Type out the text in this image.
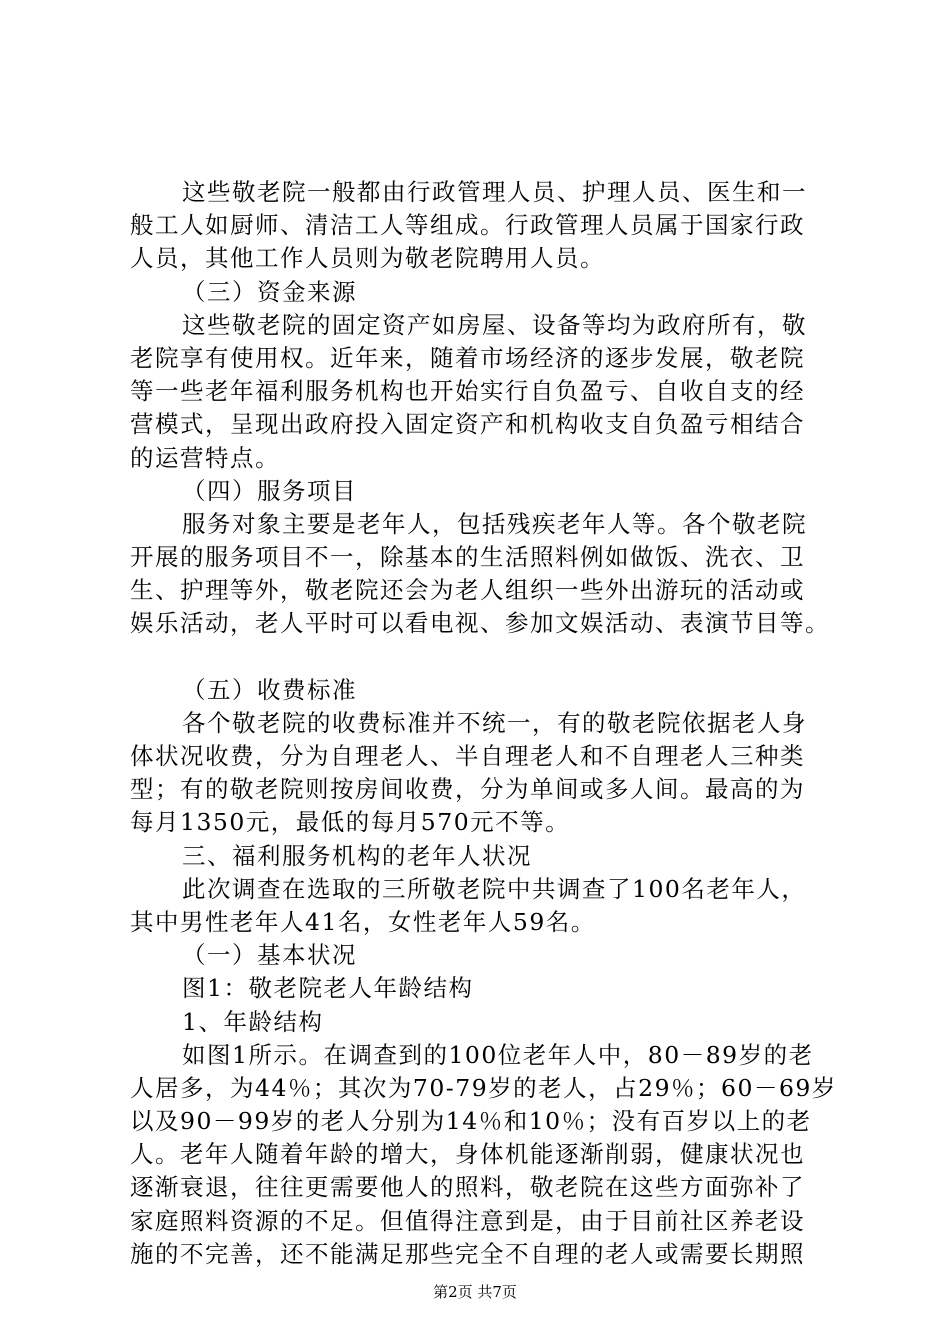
这些敬老院一般都由行政管理人员、护理人员、医生和一
般工人如厨师、清洁工人等组成。行政管理人员属于国家行政
人员，其他工作人员则为敬老院聘用人员。
（三）资金来源
这些敬老院的固定资产如房屋、设备等均为政府所有，敬
老院享有使用权。近年来，随着市场经济的逐步发展，敬老院
等一些老年福利服务机构也开始实行自负盈亏、自收自支的经
营模式，呈现出政府投入固定资产和机构收支自负盈亏相结合
的运营特点。
（四）服务项目
服务对象主要是老年人，包括残疾老年人等。各个敬老院
开展的服务项目不一，除基本的生活照料例如做饭、洗衣、卫
生、护理等外，敬老院还会为老人组织一些外出游玩的活动或
娱乐活动，老人平时可以看电视、参加文娱活动、表演节目等。
（五）收费标准
各个敬老院的收费标准并不统一，有的敬老院依据老人身
体状况收费，分为自理老人、半自理老人和不自理老人三种类
型；有的敬老院则按房间收费，分为单间或多人间。最高的为
每月1350元，最低的每月570元不等。
三、福利服务机构的老年人状况
此次调查在选取的三所敬老院中共调查了100名老年人，
其中男性老年人41名，女性老年人59名。
（一）基本状况
图1：敬老院老人年龄结构
1、年龄结构
如图1所示。在调查到的100位老年人中，80－89岁的老
人居多，为44％；其次为70-79岁的老人，占29％；60－69岁
以及90－99岁的老人分别为14％和10％；没有百岁以上的老
人。老年人随着年龄的增大，身体机能逐渐削弱，健康状况也
逐渐衰退，往往更需要他人的照料，敬老院在这些方面弥补了
家庭照料资源的不足。但值得注意到是，由于目前社区养老设
施的不完善，还不能满足那些完全不自理的老人或需要长期照
第2页 共7页
